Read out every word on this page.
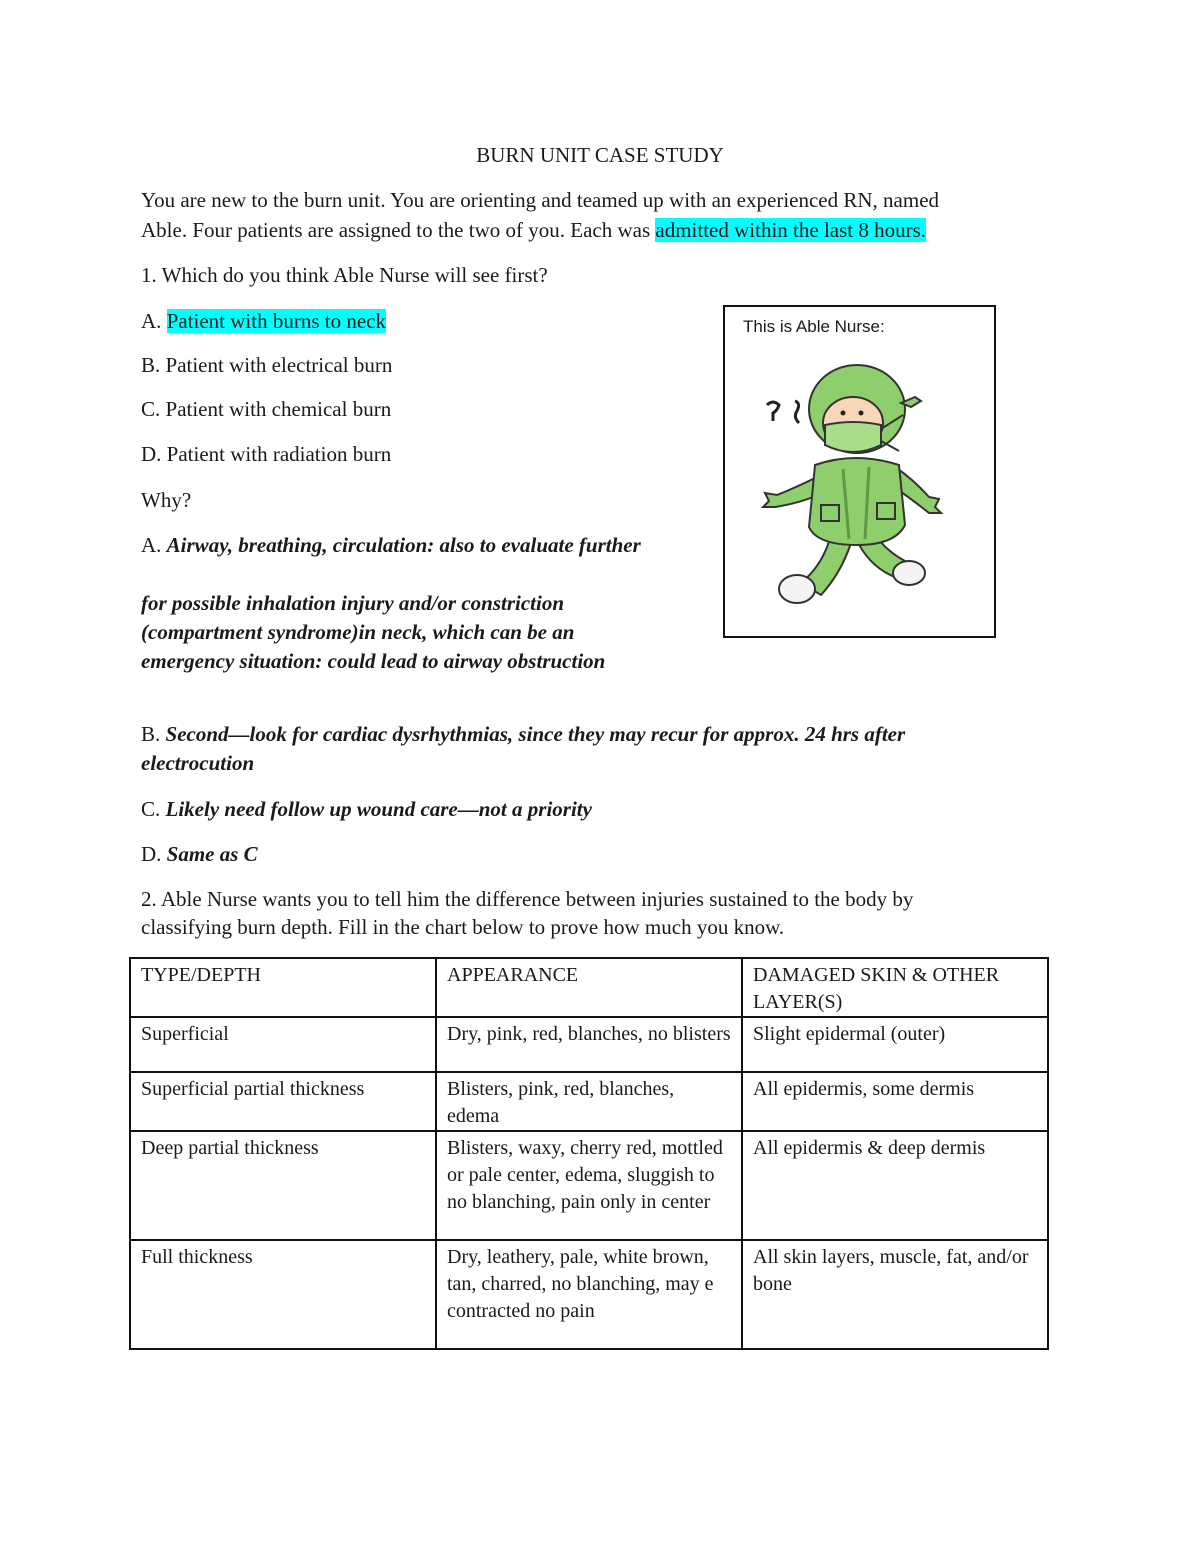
BURN UNIT CASE STUDY
You are new to the burn unit. You are orienting and teamed up with an experienced RN, named
Able. Four patients are assigned to the two of you. Each was admitted within the last 8 hours.
1. Which do you think Able Nurse will see first?
A. Patient with burns to neck
B. Patient with electrical burn
C. Patient with chemical burn
D. Patient with radiation burn
Why?
A. Airway, breathing, circulation: also to evaluate further
for possible inhalation injury and/or constriction
(compartment syndrome)in neck, which can be an
emergency situation: could lead to airway obstruction
B. Second—look for cardiac dysrhythmias, since they may recur for approx. 24 hrs after
electrocution
C. Likely need follow up wound care—not a priority
D. Same as C
2. Able Nurse wants you to tell him the difference between injuries sustained to the body by
classifying burn depth. Fill in the chart below to prove how much you know.
This is Able Nurse:
TYPE/DEPTH	APPEARANCE	DAMAGED SKIN & OTHER LAYER(S)
Superficial	Dry, pink, red, blanches, no blisters	Slight epidermal (outer)
Superficial partial thickness	Blisters, pink, red, blanches, edema	All epidermis, some dermis
Deep partial thickness	Blisters, waxy, cherry red, mottled or pale center, edema, sluggish to no blanching, pain only in center	All epidermis & deep dermis
Full thickness	Dry, leathery, pale, white brown, tan, charred, no blanching, may e contracted no pain	All skin layers, muscle, fat, and/or bone
